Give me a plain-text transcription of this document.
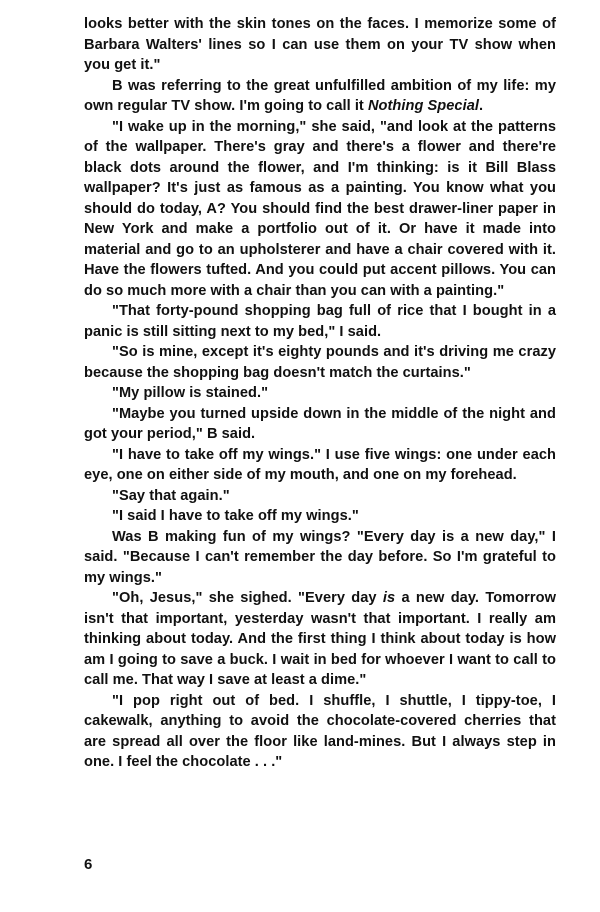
looks better with the skin tones on the faces. I memorize some of Barbara Walters' lines so I can use them on your TV show when you get it."

B was referring to the great unfulfilled ambition of my life: my own regular TV show. I'm going to call it Nothing Special.

"I wake up in the morning," she said, "and look at the patterns of the wallpaper. There's gray and there's a flower and there're black dots around the flower, and I'm thinking: is it Bill Blass wallpaper? It's just as famous as a painting. You know what you should do today, A? You should find the best drawer-liner paper in New York and make a portfolio out of it. Or have it made into material and go to an upholsterer and have a chair covered with it. Have the flowers tufted. And you could put accent pillows. You can do so much more with a chair than you can with a painting."

"That forty-pound shopping bag full of rice that I bought in a panic is still sitting next to my bed," I said.

"So is mine, except it's eighty pounds and it's driving me crazy because the shopping bag doesn't match the curtains."

"My pillow is stained."

"Maybe you turned upside down in the middle of the night and got your period," B said.

"I have to take off my wings." I use five wings: one under each eye, one on either side of my mouth, and one on my forehead.

"Say that again."

"I said I have to take off my wings."

Was B making fun of my wings? "Every day is a new day," I said. "Because I can't remember the day before. So I'm grateful to my wings."

"Oh, Jesus," she sighed. "Every day is a new day. Tomorrow isn't that important, yesterday wasn't that important. I really am thinking about today. And the first thing I think about today is how am I going to save a buck. I wait in bed for whoever I want to call to call me. That way I save at least a dime."

"I pop right out of bed. I shuffle, I shuttle, I tippy-toe, I cakewalk, anything to avoid the chocolate-covered cherries that are spread all over the floor like land-mines. But I always step in one. I feel the chocolate . . ."

6
